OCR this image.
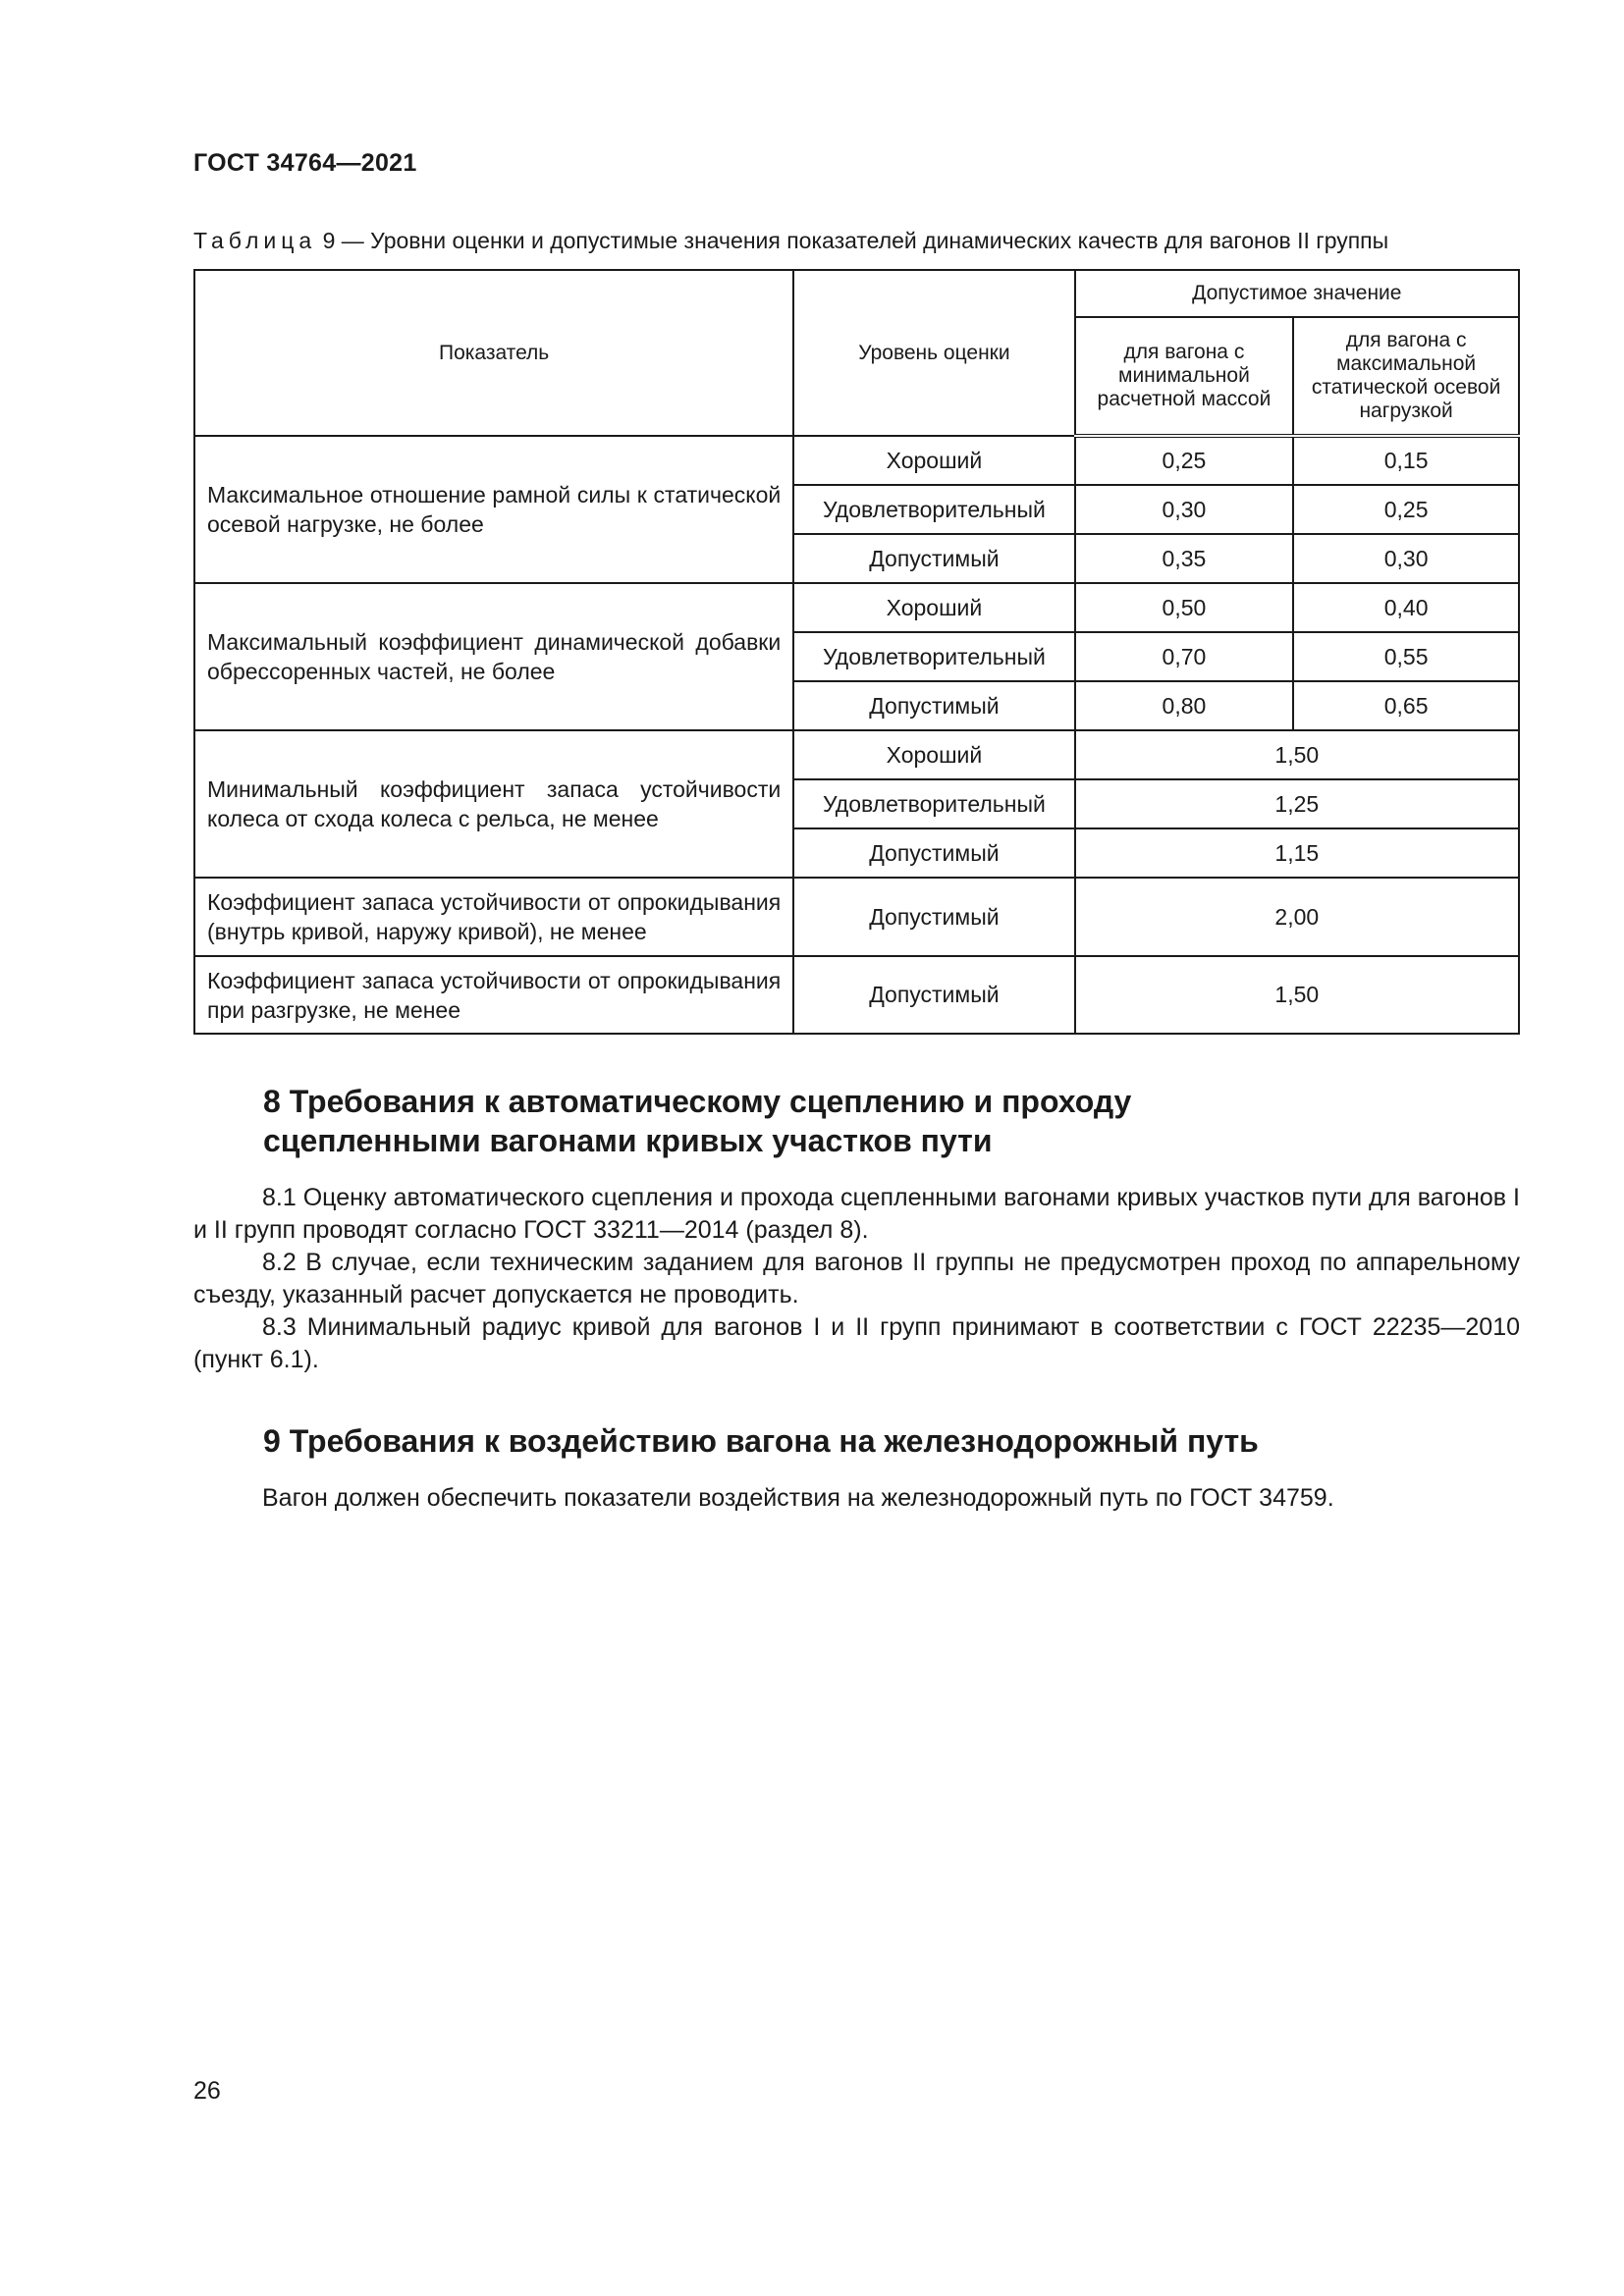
ГОСТ 34764—2021
Таблица 9 — Уровни оценки и допустимые значения показателей динамических качеств для вагонов II группы
Показатель	Уровень оценки	Допустимое значение	
		для вагона с минимальной расчетной массой	для вагона с максимальной статической осевой нагрузкой
Максимальное отношение рамной силы к статической осевой нагрузке, не более	Хороший	0,25	0,15
	Удовлетворительный	0,30	0,25
	Допустимый	0,35	0,30
Максимальный коэффициент динамической добавки обрессоренных частей, не более	Хороший	0,50	0,40
	Удовлетворительный	0,70	0,55
	Допустимый	0,80	0,65
Минимальный коэффициент запаса устойчивости колеса от схода колеса с рельса, не менее	Хороший	1,50	
	Удовлетворительный	1,25	
	Допустимый	1,15	
Коэффициент запаса устойчивости от опрокидывания (внутрь кривой, наружу кривой), не менее	Допустимый	2,00	
Коэффициент запаса устойчивости от опрокидывания при разгрузке, не менее	Допустимый	1,50	
8 Требования к автоматическому сцеплению и проходу
сцепленными вагонами кривых участков пути
8.1 Оценку автоматического сцепления и прохода сцепленными вагонами кривых участков пути для вагонов I и II групп проводят согласно ГОСТ 33211—2014 (раздел 8).
8.2 В случае, если техническим заданием для вагонов II группы не предусмотрен проход по аппарельному съезду, указанный расчет допускается не проводить.
8.3 Минимальный радиус кривой для вагонов I и II групп принимают в соответствии с ГОСТ 22235—2010 (пункт 6.1).
9 Требования к воздействию вагона на железнодорожный путь
Вагон должен обеспечить показатели воздействия на железнодорожный путь по ГОСТ 34759.
26
